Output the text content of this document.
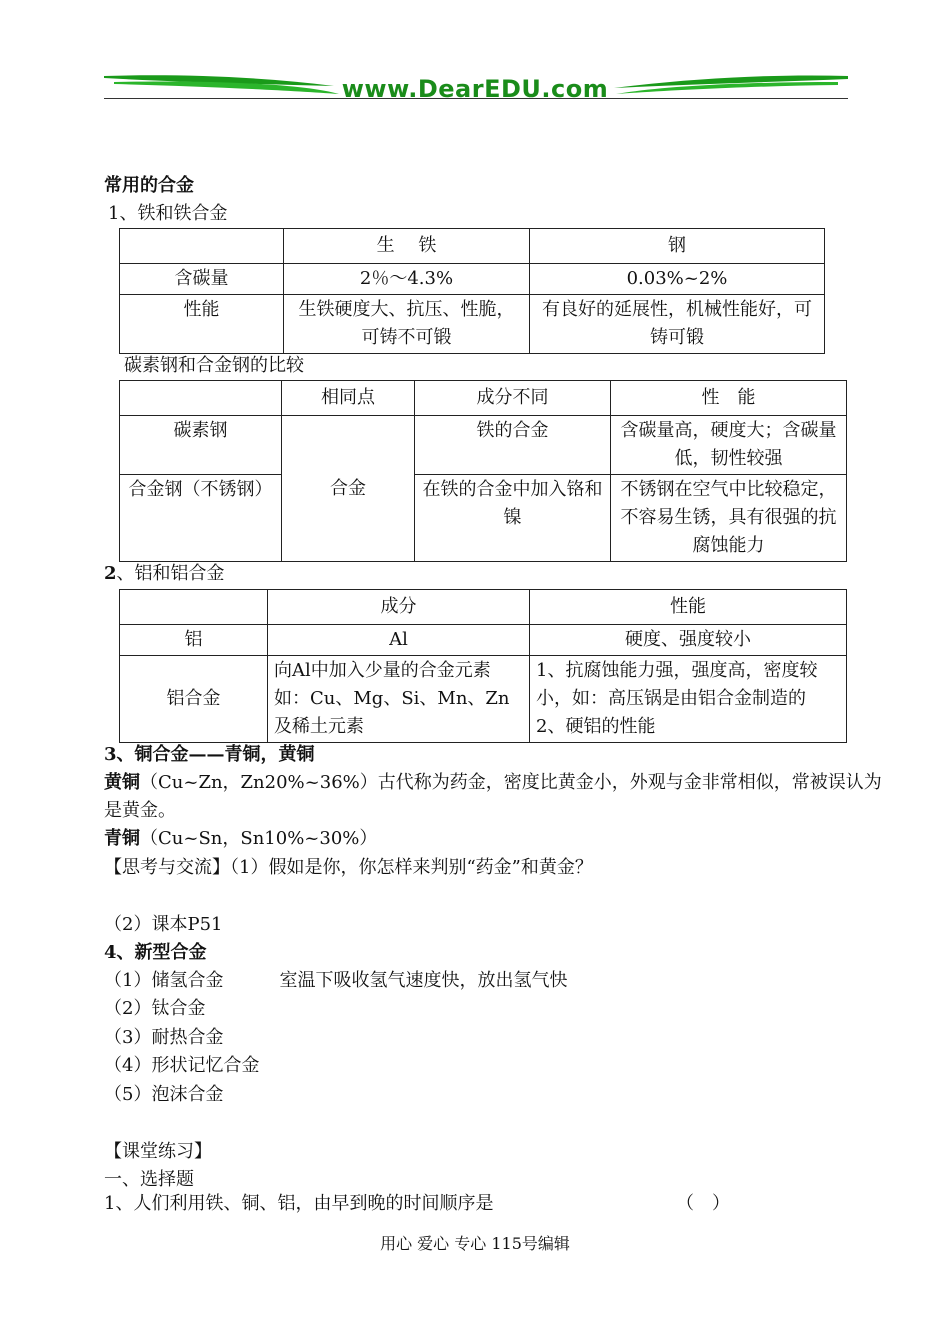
www.DearEDU.com
常用的合金
1、铁和铁合金
	生　 铁	钢
含碳量	2％～4.3%	0.03%~2%
性能	生铁硬度大、抗压、性脆，可铸不可锻	有良好的延展性，机械性能好，可铸可锻
碳素钢和合金钢的比较
	相同点	成分不同	性　能
碳素钢	合金	铁的合金	含碳量高，硬度大；含碳量低，韧性较强
合金钢（不锈钢）		在铁的合金中加入铬和镍	不锈钢在空气中比较稳定，不容易生锈，具有很强的抗腐蚀能力
2、铝和铝合金
	成分	性能
铝	Al	硬度、强度较小
铝合金	向Al中加入少量的合金元素如：Cu、Mg、Si、Mn、Zn及稀土元素	1、抗腐蚀能力强，强度高，密度较小，如：高压锅是由铝合金制造的 2、硬铝的性能
3、铜合金——青铜，黄铜
黄铜（Cu~Zn，Zn20%~36%）古代称为药金，密度比黄金小，外观与金非常相似，常被误认为
是黄金。
青铜（Cu~Sn，Sn10%~30%）
【思考与交流】（1）假如是你，你怎样来判别“药金”和黄金？
（2）课本P51
4、新型合金
（1）储氢合金	室温下吸收氢气速度快，放出氢气快
（2）钛合金
（3）耐热合金
（4）形状记忆合金
（5）泡沫合金
【课堂练习】
一、选择题
1、人们利用铁、铜、铝，由早到晚的时间顺序是	（　）
用心 爱心 专心 115号编辑
